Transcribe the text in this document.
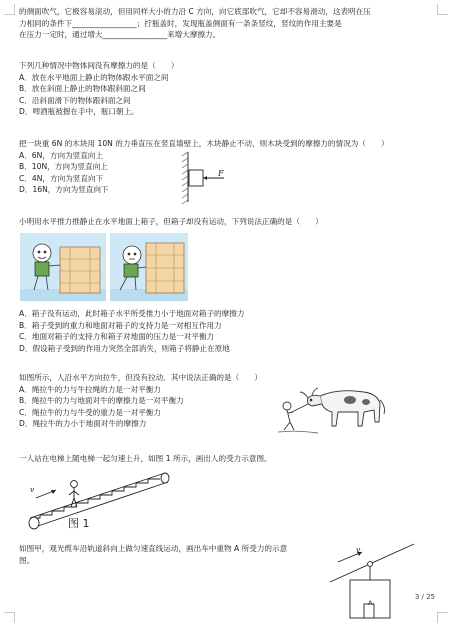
的侧面吹气，它极容易滚动，但用同样大小的力沿 C 方向，向它底部吹气，它却不容易滑动，这表明在压
力相同的条件下_________________；拧瓶盖时，发现瓶盖侧面有一条条竖纹，竖纹的作用主要是
在压力一定时，通过增大_________________来增大摩擦力。
下列几种情况中物体间没有摩擦力的是（　　）
A．放在水平地面上静止的物体跟水平面之间
B．放在斜面上静止的物体跟斜面之间
C．沿斜面滑下的物体跟斜面之间
D．啤酒瓶被握在手中，瓶口朝上。
把一块重 6N 的木块用 10N 的力垂直压在竖直墙壁上，木块静止不动，则木块受到的摩擦力的情况为（　　）
A．6N，方向为竖直向上
B．10N，方向为竖直向上
C．4N，方向为竖直向下
D．16N，方向为竖直向下
F
小明用水平推力推静止在水平地面上箱子，但箱子却没有运动，下列说法正确的是（　　）
A．箱子没有运动，此时箱子水平所受推力小于地面对箱子的摩擦力
B．箱子受到的重力和地面对箱子的支持力是一对相互作用力
C．地面对箱子的支持力和箱子对地面的压力是一对平衡力
D．假设箱子受到的作用力突然全部消失，则箱子将静止在原地
如图所示，人沿水平方向拉牛，但没有拉动．其中说法正确的是（　　）
A．绳拉牛的力与牛拉绳的力是一对平衡力
B．绳拉牛的力与地面对牛的摩擦力是一对平衡力
C．绳拉牛的力与牛受的重力是一对平衡力
D．绳拉牛的力小于地面对牛的摩擦力
一人站在电梯上随电梯一起匀速上升，如图 1 所示，画出人的受力示意图。
v
图 1
如图甲，观光缆车沿轨道斜向上做匀速直线运动，画出车中重物 A 所受力的示意
图。
v
A
3 / 25
